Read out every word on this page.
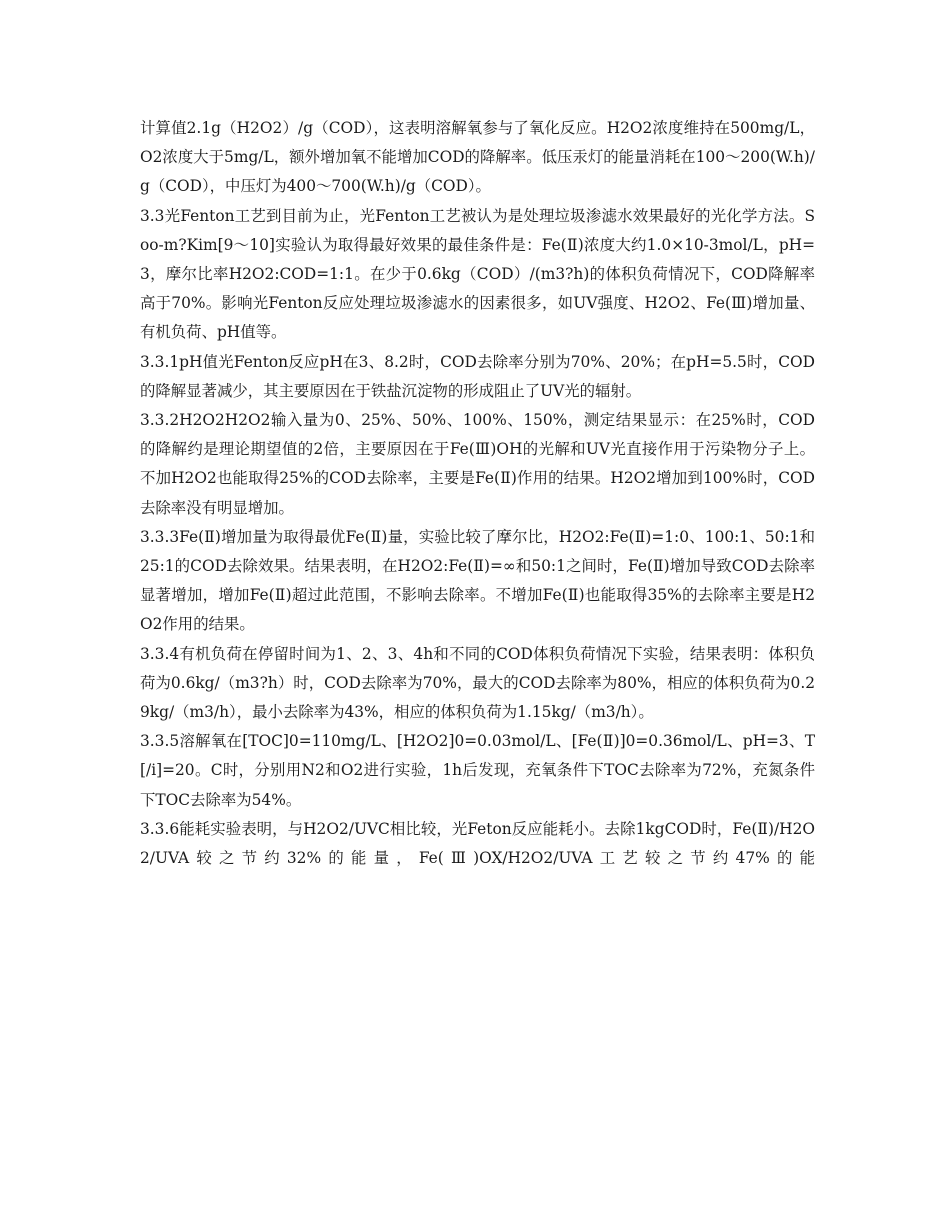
计算值2.1g（H2O2）/g（COD），这表明溶解氧参与了氧化反应。H2O2浓度维持在500mg/L，O2浓度大于5mg/L，额外增加氧不能增加COD的降解率。低压汞灯的能量消耗在100～200(W.h)/g（COD），中压灯为400～700(W.h)/g（COD）。

3.3光Fenton工艺到目前为止，光Fenton工艺被认为是处理垃圾渗滤水效果最好的光化学方法。Soo-m?Kim[9～10]实验认为取得最好效果的最佳条件是：Fe(Ⅱ)浓度大约1.0×10-3mol/L，pH=3，摩尔比率H2O2:COD=1:1。在少于0.6kg（COD）/(m3?h)的体积负荷情况下，COD降解率高于70%。影响光Fenton反应处理垃圾渗滤水的因素很多，如UV强度、H2O2、Fe(Ⅲ)增加量、有机负荷、pH值等。

3.3.1pH值光Fenton反应pH在3、8.2时，COD去除率分别为70%、20%；在pH=5.5时，COD的降解显著减少，其主要原因在于铁盐沉淀物的形成阻止了UV光的辐射。

3.3.2H2O2H2O2输入量为0、25%、50%、100%、150%，测定结果显示：在25%时，COD的降解约是理论期望值的2倍，主要原因在于Fe(Ⅲ)OH的光解和UV光直接作用于污染物分子上。不加H2O2也能取得25%的COD去除率，主要是Fe(Ⅱ)作用的结果。H2O2增加到100%时，COD去除率没有明显增加。

3.3.3Fe(Ⅱ)增加量为取得最优Fe(Ⅱ)量，实验比较了摩尔比，H2O2:Fe(Ⅱ)=1:0、100:1、50:1和25:1的COD去除效果。结果表明，在H2O2:Fe(Ⅱ)=∞和50:1之间时，Fe(Ⅱ)增加导致COD去除率显著增加，增加Fe(Ⅱ)超过此范围，不影响去除率。不增加Fe(Ⅱ)也能取得35%的去除率主要是H2O2作用的结果。

3.3.4有机负荷在停留时间为1、2、3、4h和不同的COD体积负荷情况下实验，结果表明：体积负荷为0.6kg/（m3?h）时，COD去除率为70%，最大的COD去除率为80%，相应的体积负荷为0.29kg/（m3/h），最小去除率为43%，相应的体积负荷为1.15kg/（m3/h）。

3.3.5溶解氧在[TOC]0=110mg/L、[H2O2]0=0.03mol/L、[Fe(Ⅱ)]0=0.36mol/L、pH=3、T[/i]=20。C时，分别用N2和O2进行实验，1h后发现，充氧条件下TOC去除率为72%，充氮条件下TOC去除率为54%。

3.3.6能耗实验表明，与H2O2/UVC相比较，光Feton反应能耗小。去除1kgCOD时，Fe(Ⅱ)/H2O2/UVA较之节约32%的能量，Fe(Ⅲ)OX/H2O2/UVA工艺较之节约47%的能
